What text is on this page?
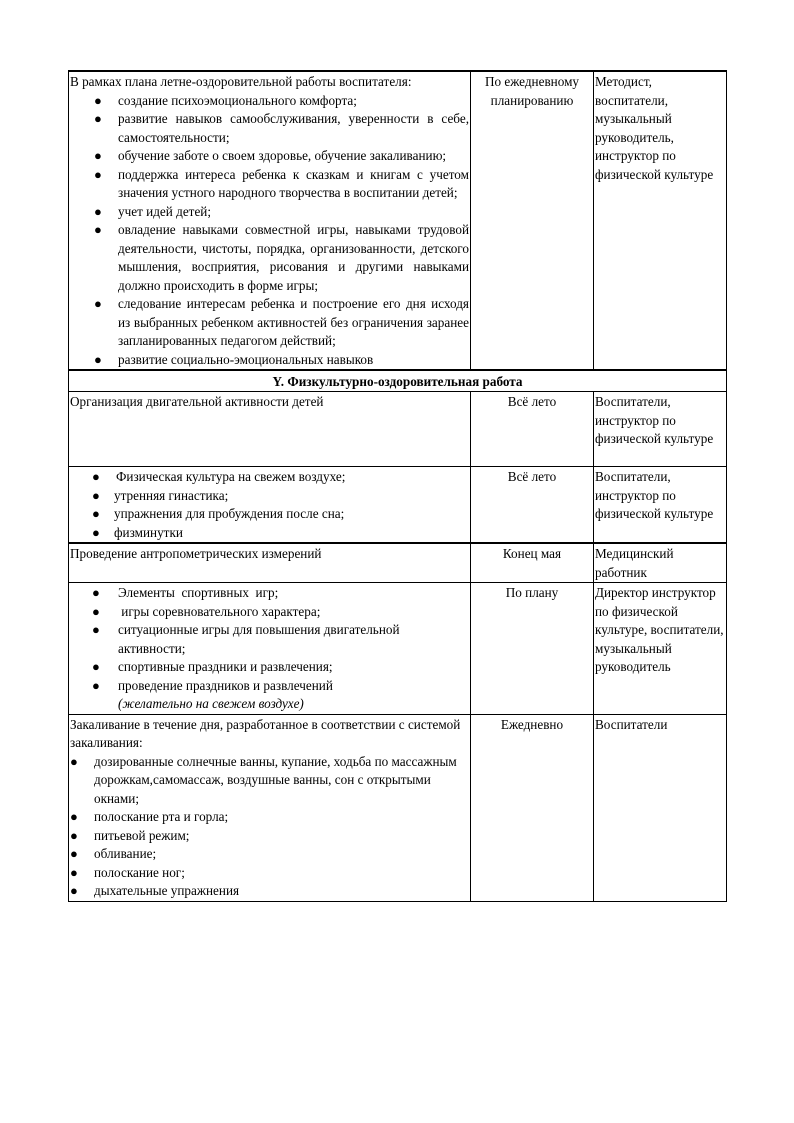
В рамках плана летне-оздоровительной работы воспитателя:
● создание психоэмоционального комфорта;
● развитие навыков самообслуживания, уверенности в себе, самостоятельности;
● обучение заботе о своем здоровье, обучение закаливанию;
● поддержка интереса ребенка к сказкам и книгам с учетом значения устного народного творчества в воспитании детей;
● учет идей детей;
● овладение навыками совместной игры, навыками трудовой деятельности, чистоты, порядка, организованности, детского мышления, восприятия, рисования и другими навыками должно происходить в форме игры;
● следование интересам ребенка и построение его дня исходя из выбранных ребенком активностей без ограничения заранее запланированных педагогом действий;
● развитие социально-эмоциональных навыков
	По ежедневному планированию	Методист, воспитатели, музыкальный руководитель, инструктор по физической культуре
Y. Физкультурно-оздоровительная работа		
Организация двигательной активности детей	Всё лето	Воспитатели, инструктор по физической культуре

● Физическая культура на свежем воздухе;
● утренняя гинастика;
● упражнения для пробуждения после сна;
● физминутки
	Всё лето	Воспитатели, инструктор по физической культуре
Проведение антропометрических измерений	Конец мая	Медицинский работник

● Элементы  спортивных  игр;
● игры соревновательного характера;
● ситуационные игры для повышения двигательной активности;
● спортивные праздники и развлечения;
● проведение праздников и развлечений
(желательно на свежем воздухе)
	По плану	Директор инструктор по физической культуре, воспитатели, музыкальный руководитель

Закаливание в течение дня, разработанное в соответствии с системой закаливания:
● дозированные солнечные ванны, купание, ходьба по массажным дорожкам,самомассаж, воздушные ванны, сон с открытыми окнами;
● полоскание рта и горла;
● питьевой режим;
● обливание;
● полоскание ног;
● дыхательные упражнения
	Ежедневно	Воспитатели
